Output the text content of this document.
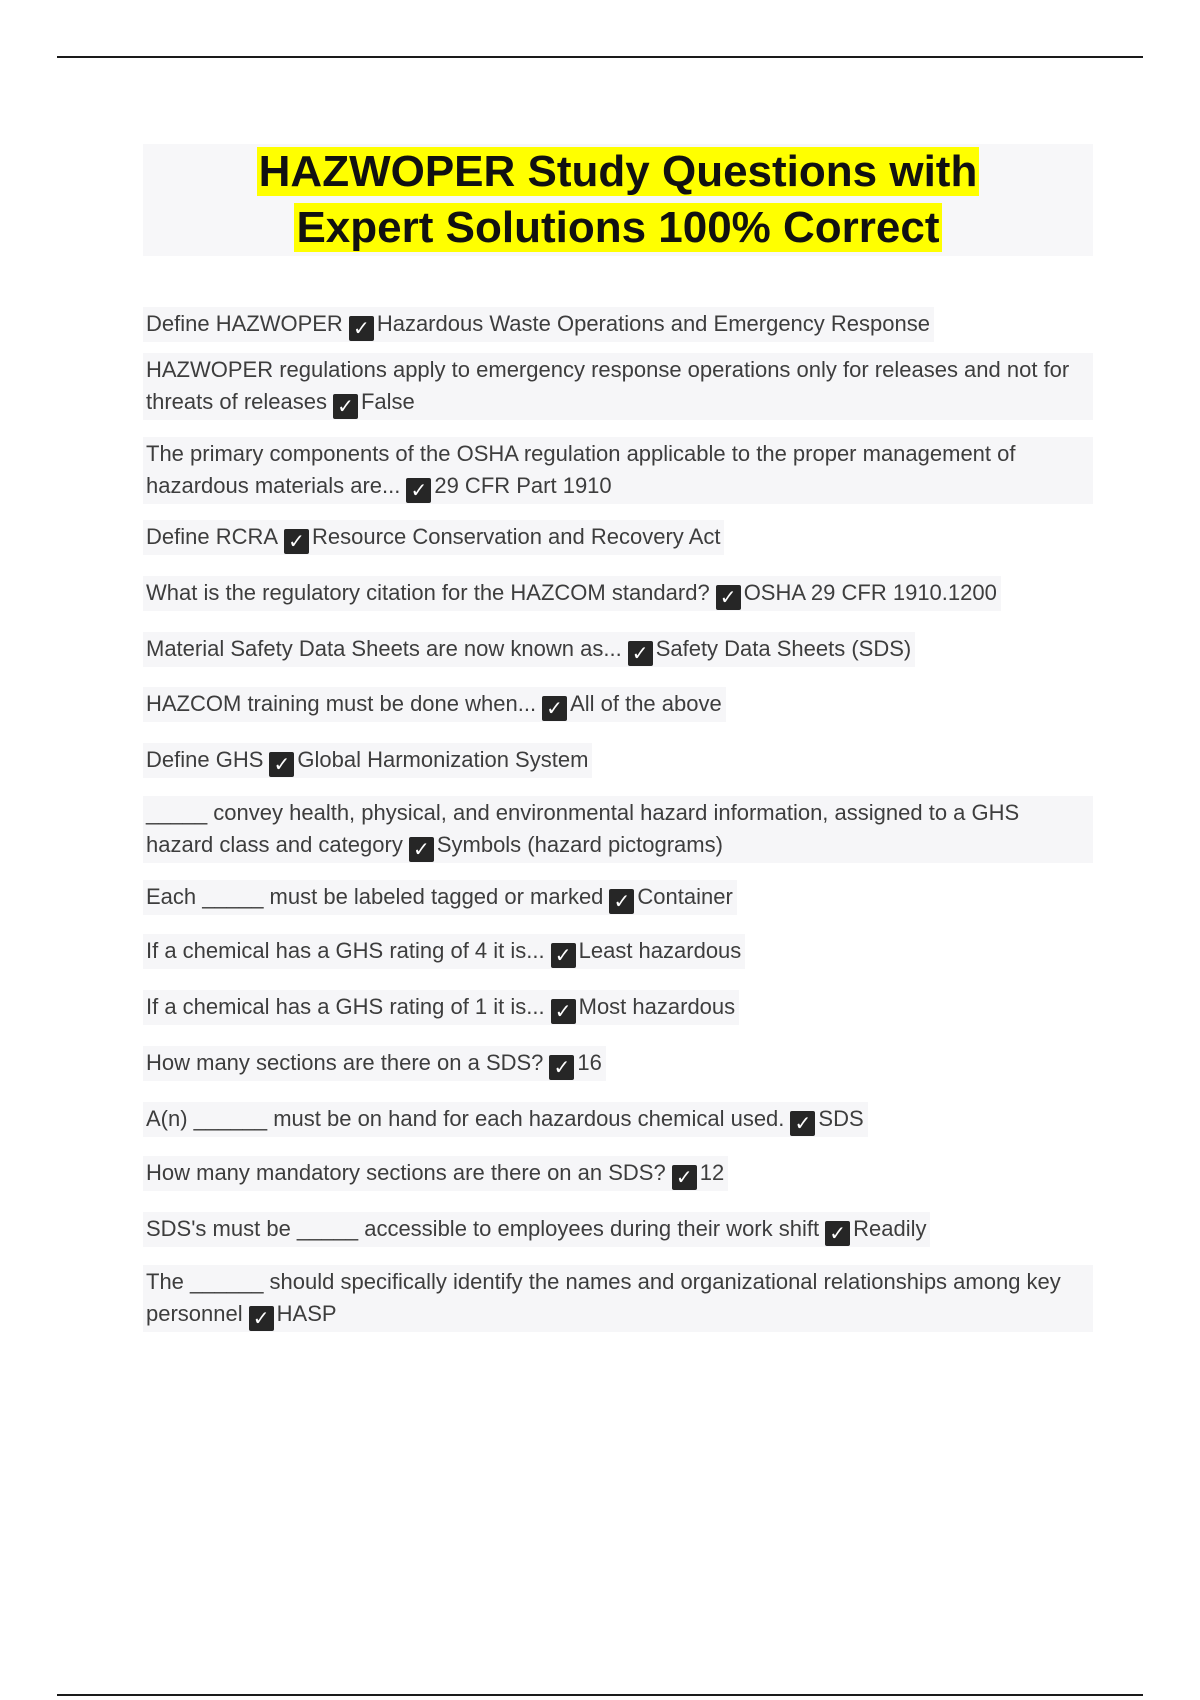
HAZWOPER Study Questions with
Expert Solutions 100% Correct
Define HAZWOPER ✓ Hazardous Waste Operations and Emergency Response
HAZWOPER regulations apply to emergency response operations only for releases and not for threats of releases ✓ False
The primary components of the OSHA regulation applicable to the proper management of hazardous materials are... ✓ 29 CFR Part 1910
Define RCRA ✓ Resource Conservation and Recovery Act
What is the regulatory citation for the HAZCOM standard? ✓ OSHA 29 CFR 1910.1200
Material Safety Data Sheets are now known as... ✓ Safety Data Sheets (SDS)
HAZCOM training must be done when... ✓ All of the above
Define GHS ✓ Global Harmonization System
_____ convey health, physical, and environmental hazard information, assigned to a GHS hazard class and category ✓ Symbols (hazard pictograms)
Each _____ must be labeled tagged or marked ✓ Container
If a chemical has a GHS rating of 4 it is... ✓ Least hazardous
If a chemical has a GHS rating of 1 it is... ✓ Most hazardous
How many sections are there on a SDS? ✓ 16
A(n) ______ must be on hand for each hazardous chemical used. ✓ SDS
How many mandatory sections are there on an SDS? ✓ 12
SDS's must be _____ accessible to employees during their work shift ✓ Readily
The ______ should specifically identify the names and organizational relationships among key personnel ✓ HASP
